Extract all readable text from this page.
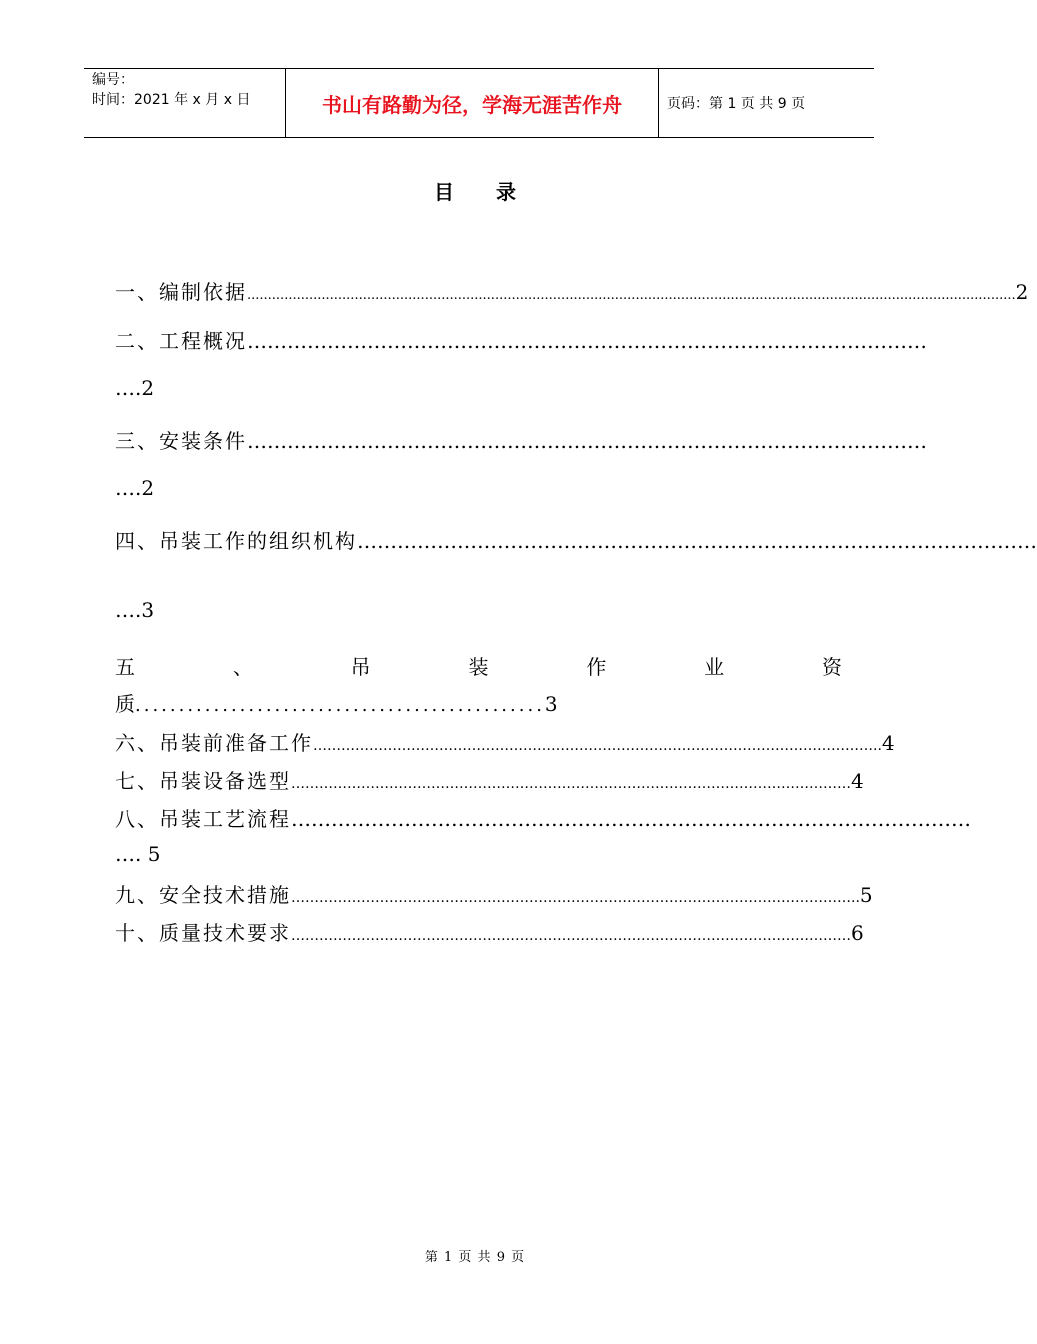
编号：
时间：2021 年 x 月 x 日	书山有路勤为径，学海无涯苦作舟	页码：第 1 页 共 9 页
目录
一、编制依据 .......................................................................................................................................................................................... 2
二、工程概况 …………………………………………………………………………………………
….2
三、安装条件 …………………………………………………………………………………………
….2
四、吊装工作的组织机构 …………………………………………………………………………………………
….3
五	、	吊	装	作	业	资
质...............................................3
六、吊装前准备工作 ………………………………………………………………………………………………………….. 4
七、吊装设备选型 ………………………………………………………………………………………………………… 4
八、吊装工艺流程 …………………………………………………………………………………………
…. 5
九、安全技术措施 ………………………………………………………………………………………………………….. 5
十、质量技术要求 ………………………………………………………………………………………………………… 6
第 1 页 共 9 页
